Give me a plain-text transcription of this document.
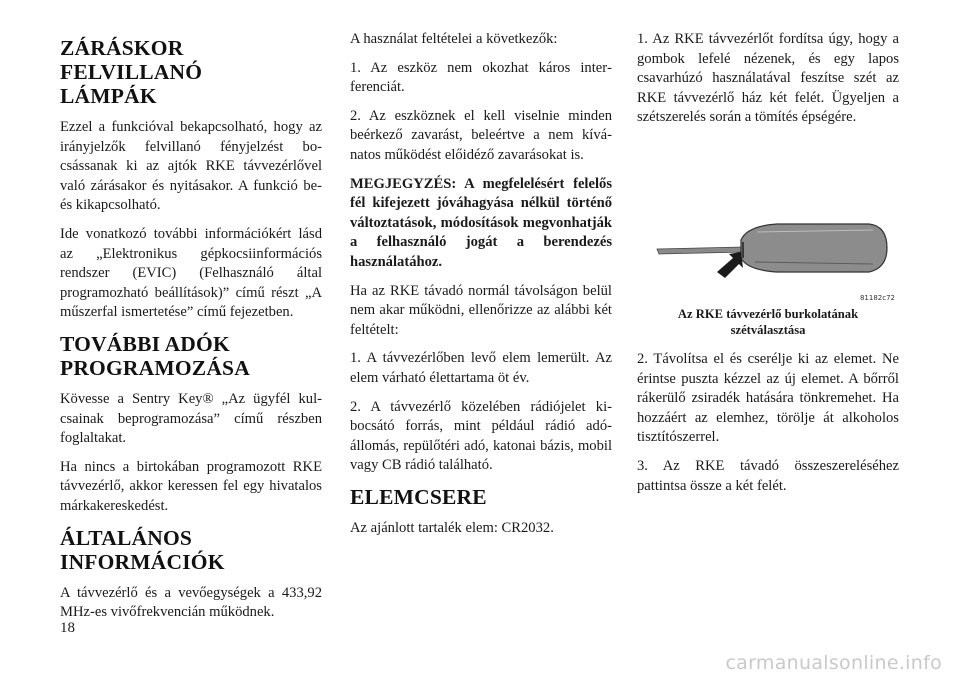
ZÁRÁSKOR FELVILLANÓ
LÁMPÁK

Ezzel a funkcióval bekapcsolható, hogy az irányjelzők felvillanó fényjelzést bocsássanak ki az ajtók RKE távvezérlővel való zárásakor és nyitásakor. A funkció be- és kikapcsolható.

Ide vonatkozó további információkért lásd az „Elektronikus gépkocsiinformációs rendszer (EVIC) (Felhasználó által programozható beállítások)” című részt „A műszerfal ismertetése” című fejezetben.

TOVÁBBI ADÓK
PROGRAMOZÁSA

Kövesse a Sentry Key® „Az ügyfél kulcsainak beprogramozása” című részben foglaltakat.

Ha nincs a birtokában programozott RKE távvezérlő, akkor keressen fel egy hivatalos márkakereskedést.

ÁLTALÁNOS
INFORMÁCIÓK

A távvezérlő és a vevőegységek a 433,92 MHz-es vivőfrekvencián működnek.

A használat feltételei a következők:

1. Az eszköz nem okozhat káros interferenciát.

2. Az eszköznek el kell viselnie minden beérkező zavarást, beleértve a nem kívánatos működést előidéző zavarásokat is.

MEGJEGYZÉS: A megfelelésért felelős fél kifejezett jóváhagyása nélkül történő változtatások, módosítások megvonhatják a felhasználó jogát a berendezés használatához.

Ha az RKE távadó normál távolságon belül nem akar működni, ellenőrizze az alábbi két feltételt:

1. A távvezérlőben levő elem lemerült. Az elem várható élettartama öt év.

2. A távvezérlő közelében rádiójelet kibocsátó forrás, mint például rádió adóállomás, repülőtéri adó, katonai bázis, mobil vagy CB rádió található.

ELEMCSERE

Az ajánlott tartalék elem: CR2032.

1. Az RKE távvezérlőt fordítsa úgy, hogy a gombok lefelé nézenek, és egy lapos csavarhúzó használatával feszítse szét az RKE távvezérlő ház két felét. Ügyeljen a szétszerelés során a tömítés épségére.

81182c72
Az RKE távvezérlő burkolatának
szétválasztása

2. Távolítsa el és cserélje ki az elemet. Ne érintse puszta kézzel az új elemet. A bőrről rákerülő zsiradék hatására tönkremehet. Ha hozzáért az elemhez, törölje át alkoholos tisztítószerrel.

3. Az RKE távadó összeszereléséhez pattintsa össze a két felét.

18
carmanualsonline.info
